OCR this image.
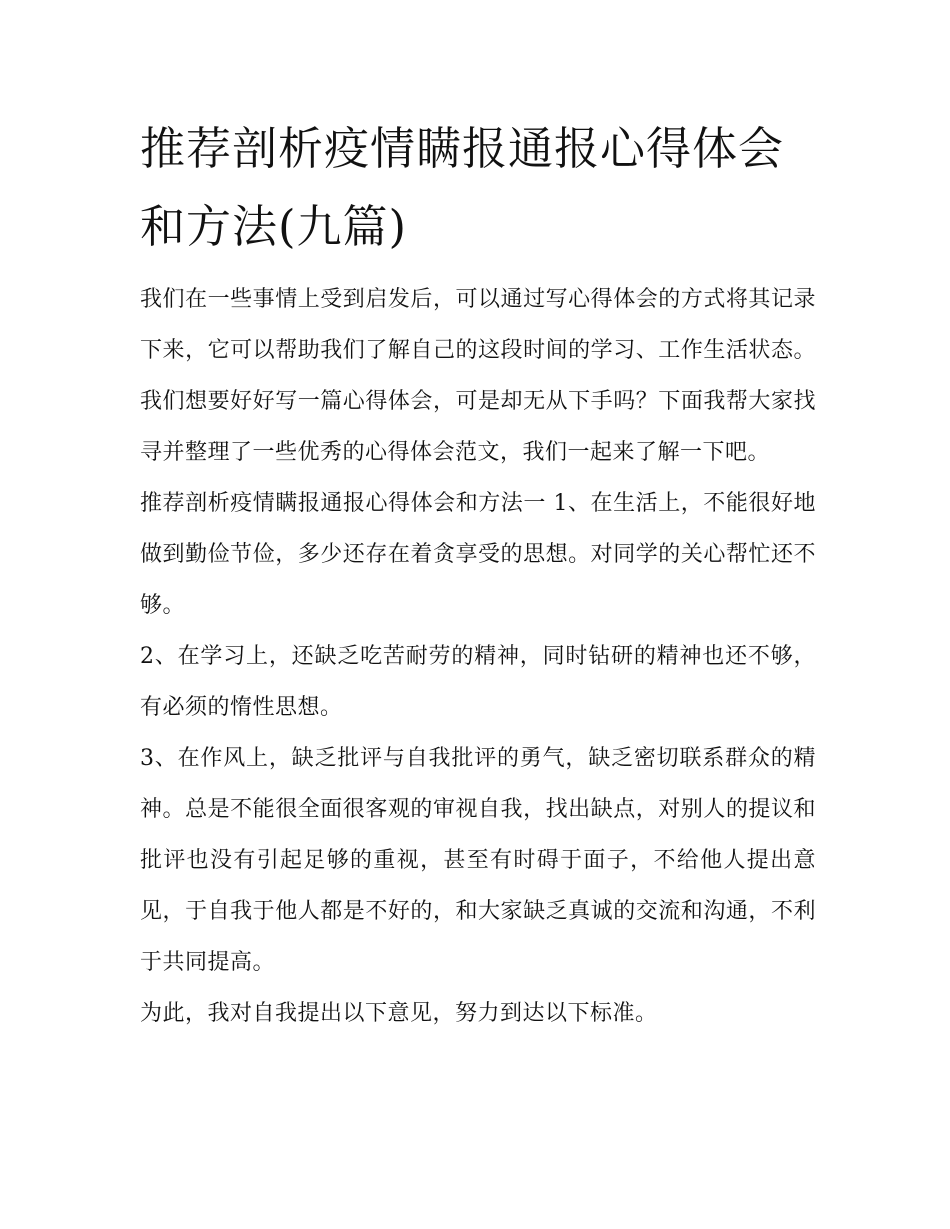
推荐剖析疫情瞒报通报心得体会和方法(九篇)

我们在一些事情上受到启发后，可以通过写心得体会的方式将其记录下来，它可以帮助我们了解自己的这段时间的学习、工作生活状态。我们想要好好写一篇心得体会，可是却无从下手吗？下面我帮大家找寻并整理了一些优秀的心得体会范文，我们一起来了解一下吧。

推荐剖析疫情瞒报通报心得体会和方法一 1、在生活上，不能很好地做到勤俭节俭，多少还存在着贪享受的思想。对同学的关心帮忙还不够。

2、在学习上，还缺乏吃苦耐劳的精神，同时钻研的精神也还不够，有必须的惰性思想。

3、在作风上，缺乏批评与自我批评的勇气，缺乏密切联系群众的精神。总是不能很全面很客观的审视自我，找出缺点，对别人的提议和批评也没有引起足够的重视，甚至有时碍于面子，不给他人提出意见，于自我于他人都是不好的，和大家缺乏真诚的交流和沟通，不利于共同提高。

为此，我对自我提出以下意见，努力到达以下标准。
